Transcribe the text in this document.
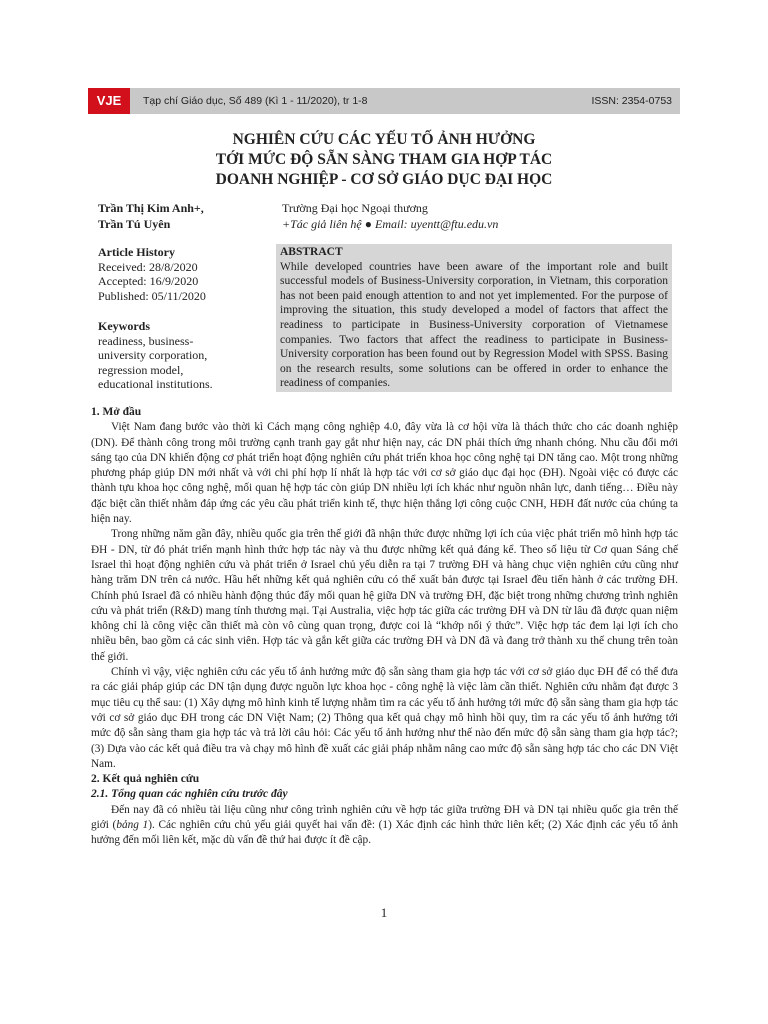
VJE	Tạp chí Giáo dục, Số 489 (Kì 1 - 11/2020), tr 1-8	ISSN: 2354-0753
NGHIÊN CỨU CÁC YẾU TỐ ẢNH HƯỞNG
TỚI MỨC ĐỘ SẴN SÀNG THAM GIA HỢP TÁC
DOANH NGHIỆP - CƠ SỞ GIÁO DỤC ĐẠI HỌC
Trần Thị Kim Anh+,
Trần Tú Uyên
Trường Đại học Ngoại thương
+Tác giả liên hệ ● Email: uyentt@ftu.edu.vn
Article History
Received: 28/8/2020
Accepted: 16/9/2020
Published: 05/11/2020
Keywords
readiness, business-
university corporation,
regression model,
educational institutions.
ABSTRACT

While developed countries have been aware of the important role and built successful models of Business-University corporation, in Vietnam, this corporation has not been paid enough attention to and not yet implemented. For the purpose of improving the situation, this study developed a model of factors that affect the readiness to participate in Business-University corporation of Vietnamese companies. Two factors that affect the readiness to participate in Business-University corporation has been found out by Regression Model with SPSS. Basing on the research results, some solutions can be offered in order to enhance the readiness of companies.

1. Mở đầu

Việt Nam đang bước vào thời kì Cách mạng công nghiệp 4.0, đây vừa là cơ hội vừa là thách thức cho các doanh nghiệp (DN). Để thành công trong môi trường cạnh tranh gay gắt như hiện nay, các DN phải thích ứng nhanh chóng. Nhu cầu đổi mới sáng tạo của DN khiến động cơ phát triển hoạt động nghiên cứu phát triển khoa học công nghệ tại DN tăng cao. Một trong những phương pháp giúp DN mới nhất và với chi phí hợp lí nhất là hợp tác với cơ sở giáo dục đại học (ĐH). Ngoài việc có được các thành tựu khoa học công nghệ, mối quan hệ hợp tác còn giúp DN nhiều lợi ích khác như nguồn nhân lực, danh tiếng… Điều này đặc biệt cần thiết nhằm đáp ứng các yêu cầu phát triển kinh tế, thực hiện thắng lợi công cuộc CNH, HĐH đất nước của chúng ta hiện nay.

Trong những năm gần đây, nhiều quốc gia trên thế giới đã nhận thức được những lợi ích của việc phát triển mô hình hợp tác ĐH - DN, từ đó phát triển mạnh hình thức hợp tác này và thu được những kết quả đáng kể. Theo số liệu từ Cơ quan Sáng chế Israel thì hoạt động nghiên cứu và phát triển ở Israel chủ yếu diễn ra tại 7 trường ĐH và hàng chục viện nghiên cứu cũng như hàng trăm DN trên cả nước. Hầu hết những kết quả nghiên cứu có thể xuất bản được tại Israel đều tiến hành ở các trường ĐH. Chính phủ Israel đã có nhiều hành động thúc đẩy mối quan hệ giữa DN và trường ĐH, đặc biệt trong những chương trình nghiên cứu và phát triển (R&D) mang tính thương mại. Tại Australia, việc hợp tác giữa các trường ĐH và DN từ lâu đã được quan niệm không chỉ là công việc cần thiết mà còn vô cùng quan trọng, được coi là “khớp nối ý thức”. Việc hợp tác đem lại lợi ích cho nhiều bên, bao gồm cả các sinh viên. Hợp tác và gắn kết giữa các trường ĐH và DN đã và đang trở thành xu thế chung trên toàn thế giới.

Chính vì vậy, việc nghiên cứu các yếu tố ảnh hưởng mức độ sẵn sàng tham gia hợp tác với cơ sở giáo dục ĐH để có thể đưa ra các giải pháp giúp các DN tận dụng được nguồn lực khoa học - công nghệ là việc làm cần thiết. Nghiên cứu nhằm đạt được 3 mục tiêu cụ thể sau: (1) Xây dựng mô hình kinh tế lượng nhằm tìm ra các yếu tố ảnh hưởng tới mức độ sẵn sàng tham gia hợp tác với cơ sở giáo dục ĐH trong các DN Việt Nam; (2) Thông qua kết quả chạy mô hình hồi quy, tìm ra các yếu tố ảnh hưởng tới mức độ sẵn sàng tham gia hợp tác và trả lời câu hỏi: Các yếu tố ảnh hưởng như thế nào đến mức độ sẵn sàng tham gia hợp tác?; (3) Dựa vào các kết quả điều tra và chạy mô hình đề xuất các giải pháp nhằm nâng cao mức độ sẵn sàng hợp tác cho các DN Việt Nam.

2. Kết quả nghiên cứu
2.1. Tổng quan các nghiên cứu trước đây

Đến nay đã có nhiều tài liệu cũng như công trình nghiên cứu về hợp tác giữa trường ĐH và DN tại nhiều quốc gia trên thế giới (bảng 1). Các nghiên cứu chủ yếu giải quyết hai vấn đề: (1) Xác định các hình thức liên kết; (2) Xác định các yếu tố ảnh hưởng đến mối liên kết, mặc dù vấn đề thứ hai được ít đề cập.

1
